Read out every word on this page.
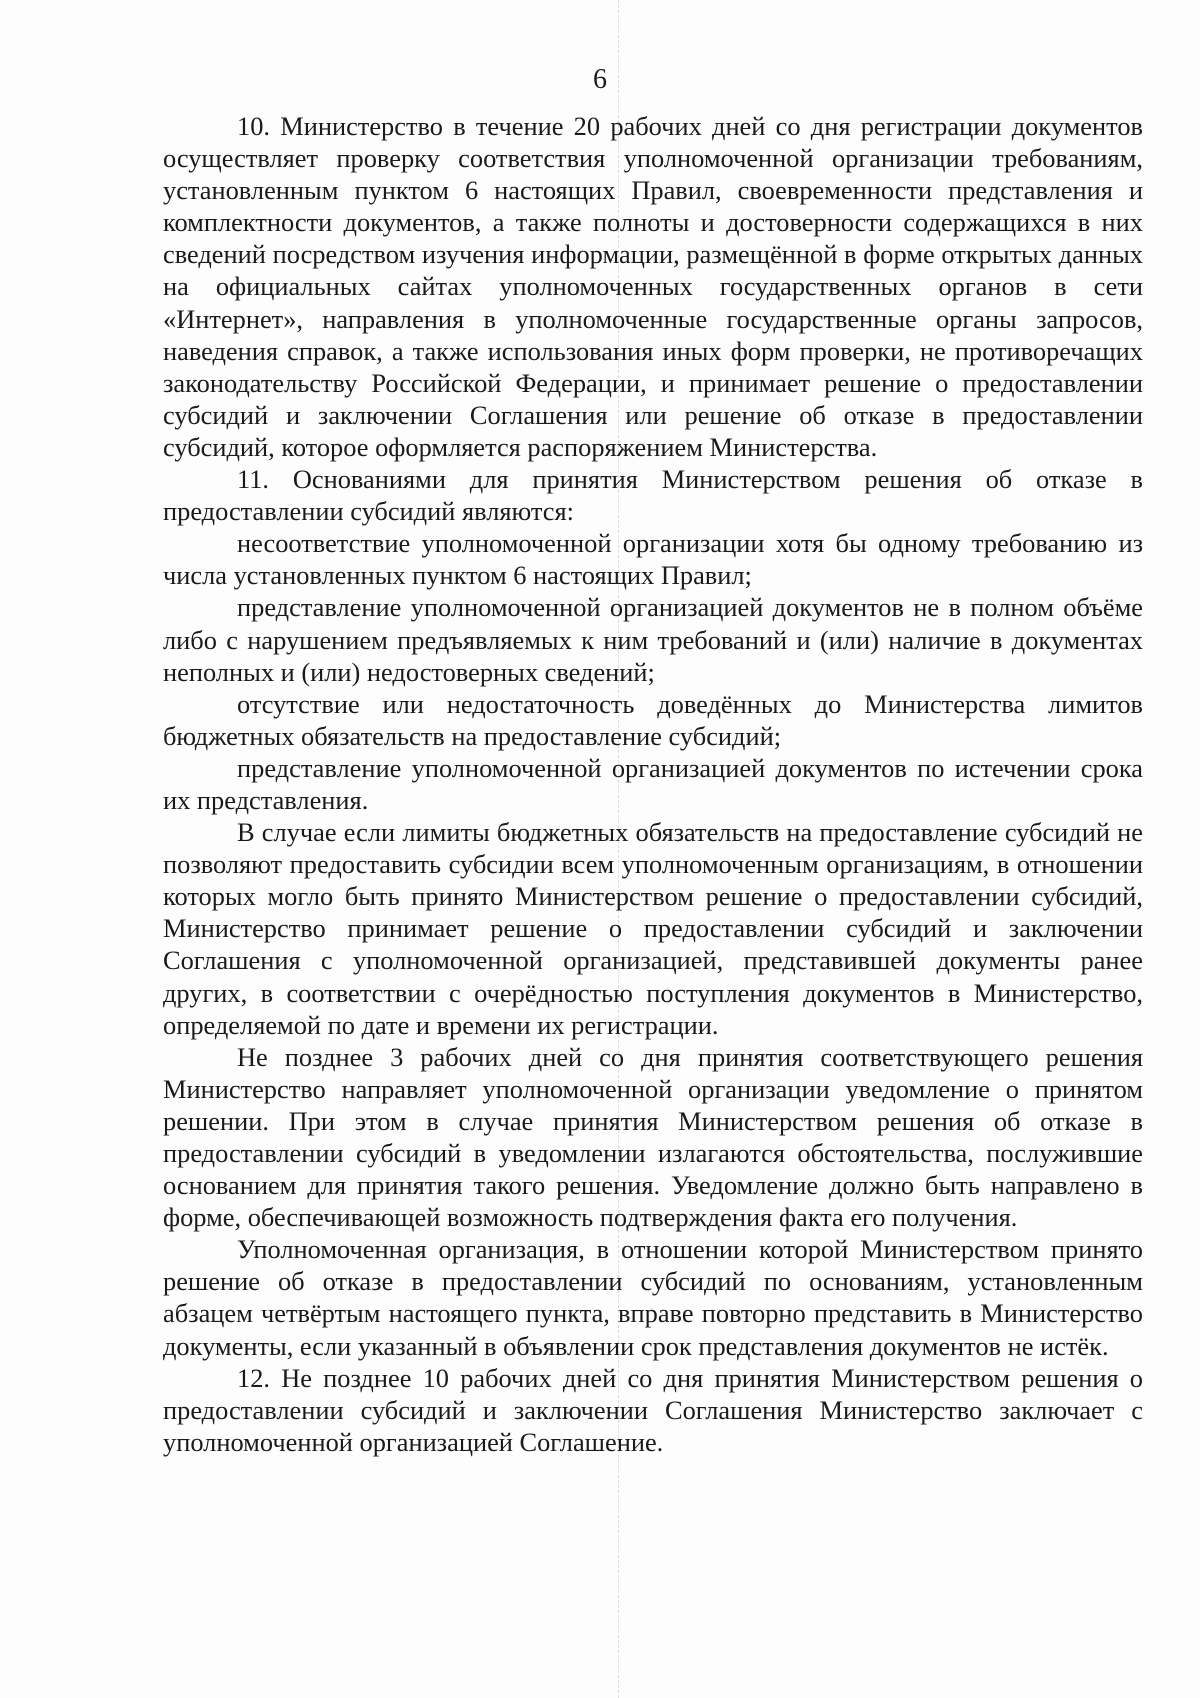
6

10. Министерство в течение 20 рабочих дней со дня регистрации документов осуществляет проверку соответствия уполномоченной организации требованиям, установленным пунктом 6 настоящих Правил, своевременности представления и комплектности документов, а также полноты и достоверности содержащихся в них сведений посредством изучения информации, размещённой в форме открытых данных на официальных сайтах уполномоченных государственных органов в сети «Интернет», направления в уполномоченные государственные органы запросов, наведения справок, а также использования иных форм проверки, не противоречащих законодательству Российской Федерации, и принимает решение о предоставлении субсидий и заключении Соглашения или решение об отказе в предоставлении субсидий, которое оформляется распоряжением Министерства.

11. Основаниями для принятия Министерством решения об отказе в предоставлении субсидий являются:

несоответствие уполномоченной организации хотя бы одному требованию из числа установленных пунктом 6 настоящих Правил;

представление уполномоченной организацией документов не в полном объёме либо с нарушением предъявляемых к ним требований и (или) наличие в документах неполных и (или) недостоверных сведений;

отсутствие или недостаточность доведённых до Министерства лимитов бюджетных обязательств на предоставление субсидий;

представление уполномоченной организацией документов по истечении срока их представления.

В случае если лимиты бюджетных обязательств на предоставление субсидий не позволяют предоставить субсидии всем уполномоченным организациям, в отношении которых могло быть принято Министерством решение о предоставлении субсидий, Министерство принимает решение о предоставлении субсидий и заключении Соглашения с уполномоченной организацией, представившей документы ранее других, в соответствии с очерёдностью поступления документов в Министерство, определяемой по дате и времени их регистрации.

Не позднее 3 рабочих дней со дня принятия соответствующего решения Министерство направляет уполномоченной организации уведомление о принятом решении. При этом в случае принятия Министерством решения об отказе в предоставлении субсидий в уведомлении излагаются обстоятельства, послужившие основанием для принятия такого решения. Уведомление должно быть направлено в форме, обеспечивающей возможность подтверждения факта его получения.

Уполномоченная организация, в отношении которой Министерством принято решение об отказе в предоставлении субсидий по основаниям, установленным абзацем четвёртым настоящего пункта, вправе повторно представить в Министерство документы, если указанный в объявлении срок представления документов не истёк.

12. Не позднее 10 рабочих дней со дня принятия Министерством решения о предоставлении субсидий и заключении Соглашения Министерство заключает с уполномоченной организацией Соглашение.
